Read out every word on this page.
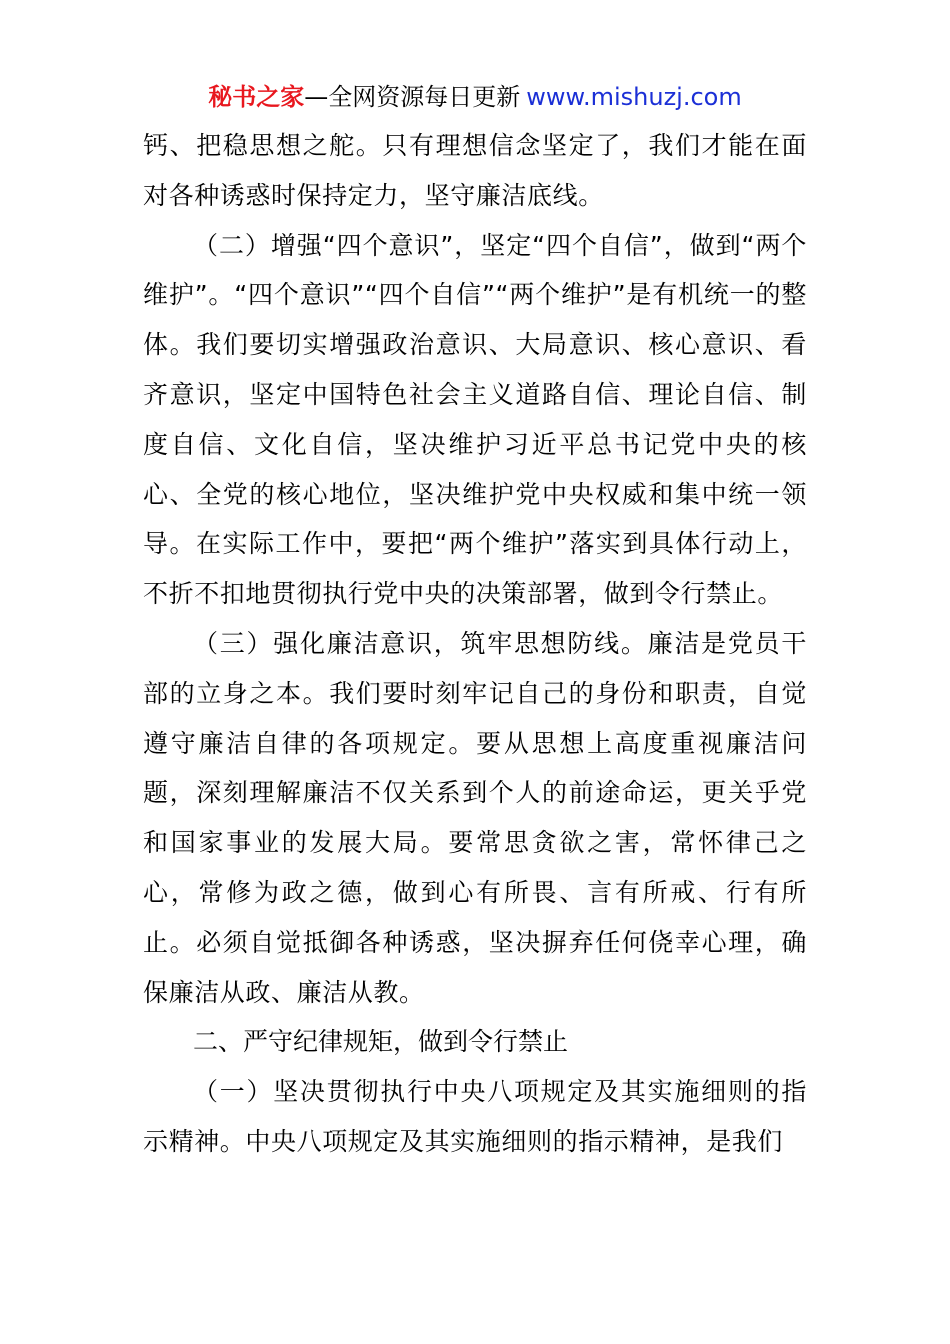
秘书之家—全网资源每日更新 www.mishuzj.com

钙、把稳思想之舵。只有理想信念坚定了，我们才能在面对各种诱惑时保持定力，坚守廉洁底线。

（二）增强“四个意识”，坚定“四个自信”，做到“两个维护”。“四个意识”“四个自信”“两个维护”是有机统一的整体。我们要切实增强政治意识、大局意识、核心意识、看齐意识，坚定中国特色社会主义道路自信、理论自信、制度自信、文化自信，坚决维护习近平总书记党中央的核心、全党的核心地位，坚决维护党中央权威和集中统一领导。在实际工作中，要把“两个维护”落实到具体行动上，不折不扣地贯彻执行党中央的决策部署，做到令行禁止。

（三）强化廉洁意识，筑牢思想防线。廉洁是党员干部的立身之本。我们要时刻牢记自己的身份和职责，自觉遵守廉洁自律的各项规定。要从思想上高度重视廉洁问题，深刻理解廉洁不仅关系到个人的前途命运，更关乎党和国家事业的发展大局。要常思贪欲之害，常怀律己之心，常修为政之德，做到心有所畏、言有所戒、行有所止。必须自觉抵御各种诱惑，坚决摒弃任何侥幸心理，确保廉洁从政、廉洁从教。

二、严守纪律规矩，做到令行禁止

（一）坚决贯彻执行中央八项规定及其实施细则的指示精神。中央八项规定及其实施细则的指示精神，是我们
